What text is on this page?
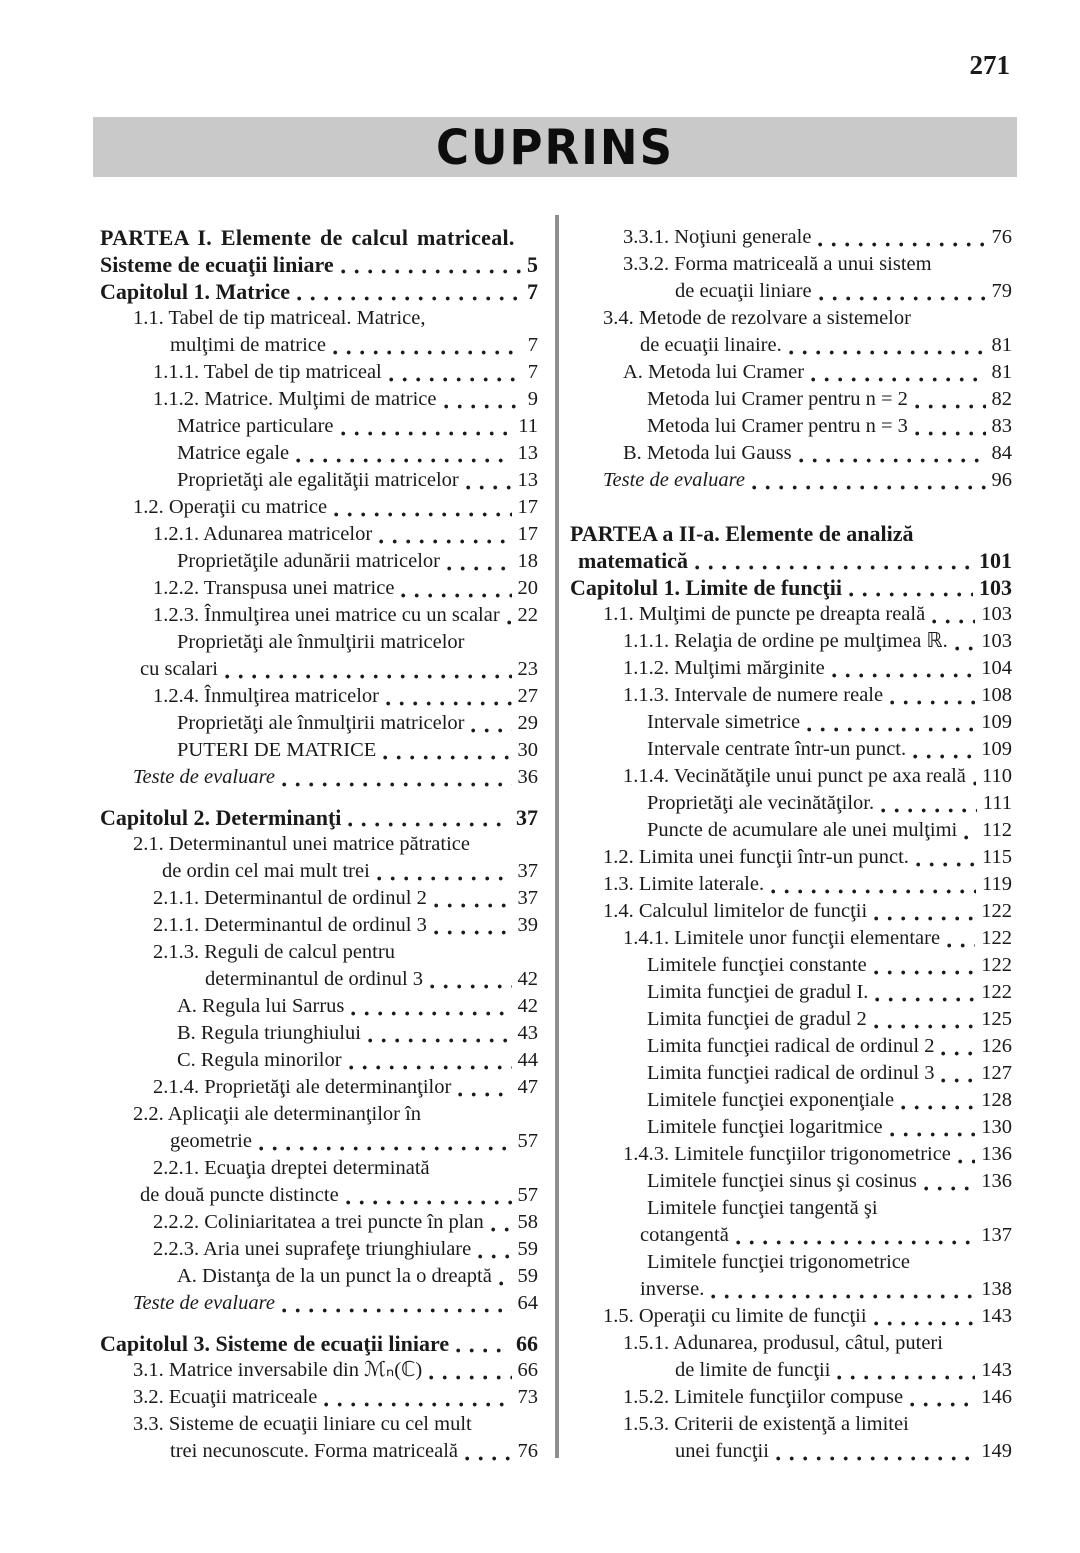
271
CUPRINS
PARTEA I. Elemente de calcul matriceal.
Sisteme de ecuaţii liniare	5
Capitolul 1. Matrice	7
1.1. Tabel de tip matriceal. Matrice,
mulţimi de matrice	7
1.1.1. Tabel de tip matriceal	7
1.1.2. Matrice. Mulţimi de matrice	9
Matrice particulare	11
Matrice egale	13
Proprietăţi ale egalităţii matricelor	13
1.2. Operaţii cu matrice	17
1.2.1. Adunarea matricelor	17
Proprietăţile adunării matricelor	18
1.2.2. Transpusa unei matrice	20
1.2.3. Înmulţirea unei matrice cu un scalar 22
Proprietăţi ale înmulţirii matricelor
cu scalari	23
1.2.4. Înmulţirea matricelor	27
Proprietăţi ale înmulţirii matricelor	29
PUTERI DE MATRICE	30
Teste de evaluare	36
Capitolul 2. Determinanţi	37
2.1. Determinantul unei matrice pătratice
de ordin cel mai mult trei	37
2.1.1. Determinantul de ordinul 2	37
2.1.1. Determinantul de ordinul 3	39
2.1.3. Reguli de calcul pentru
determinantul de ordinul 3	42
A. Regula lui Sarrus	42
B. Regula triunghiului	43
C. Regula minorilor	44
2.1.4. Proprietăţi ale determinanţilor	47
2.2. Aplicaţii ale determinanţilor în
geometrie	57
2.2.1. Ecuaţia dreptei determinată
de două puncte distincte	57
2.2.2. Coliniaritatea a trei puncte în plan 58
2.2.3. Aria unei suprafeţe triunghiulare 59
A. Distanţa de la un punct la o dreaptă 59
Teste de evaluare	64
Capitolul 3. Sisteme de ecuaţii liniare	66
3.1. Matrice inversabile din ℳₙ(ℂ)	66
3.2. Ecuaţii matriceale	73
3.3. Sisteme de ecuaţii liniare cu cel mult
trei necunoscute. Forma matriceală	76
3.3.1. Noţiuni generale	76
3.3.2. Forma matriceală a unui sistem
de ecuaţii liniare	79
3.4. Metode de rezolvare a sistemelor
de ecuaţii linaire.	81
A. Metoda lui Cramer	81
Metoda lui Cramer pentru n = 2	82
Metoda lui Cramer pentru n = 3	83
B. Metoda lui Gauss	84
Teste de evaluare	96
PARTEA a II-a. Elemente de analiză
matematică	101
Capitolul 1. Limite de funcţii	103
1.1. Mulţimi de puncte pe dreapta reală	103
1.1.1. Relaţia de ordine pe mulţimea ℝ. 103
1.1.2. Mulţimi mărginite	104
1.1.3. Intervale de numere reale	108
Intervale simetrice	109
Intervale centrate într-un punct.	109
1.1.4. Vecinătăţile unui punct pe axa reală 110
Proprietăţi ale vecinătăţilor.	111
Puncte de acumulare ale unei mulţimi 112
1.2. Limita unei funcţii într-un punct.	115
1.3. Limite laterale.	119
1.4. Calculul limitelor de funcţii	122
1.4.1. Limitele unor funcţii elementare 122
Limitele funcţiei constante	122
Limita funcţiei de gradul I.	122
Limita funcţiei de gradul 2	125
Limita funcţiei radical de ordinul 2 126
Limita funcţiei radical de ordinul 3 127
Limitele funcţiei exponenţiale	128
Limitele funcţiei logaritmice	130
1.4.3. Limitele funcţiilor trigonometrice 136
Limitele funcţiei sinus şi cosinus	136
Limitele funcţiei tangentă şi
cotangentă	137
Limitele funcţiei trigonometrice
inverse.	138
1.5. Operaţii cu limite de funcţii	143
1.5.1. Adunarea, produsul, câtul, puteri
de limite de funcţii	143
1.5.2. Limitele funcţiilor compuse	146
1.5.3. Criterii de existenţă a limitei
unei funcţii	149
